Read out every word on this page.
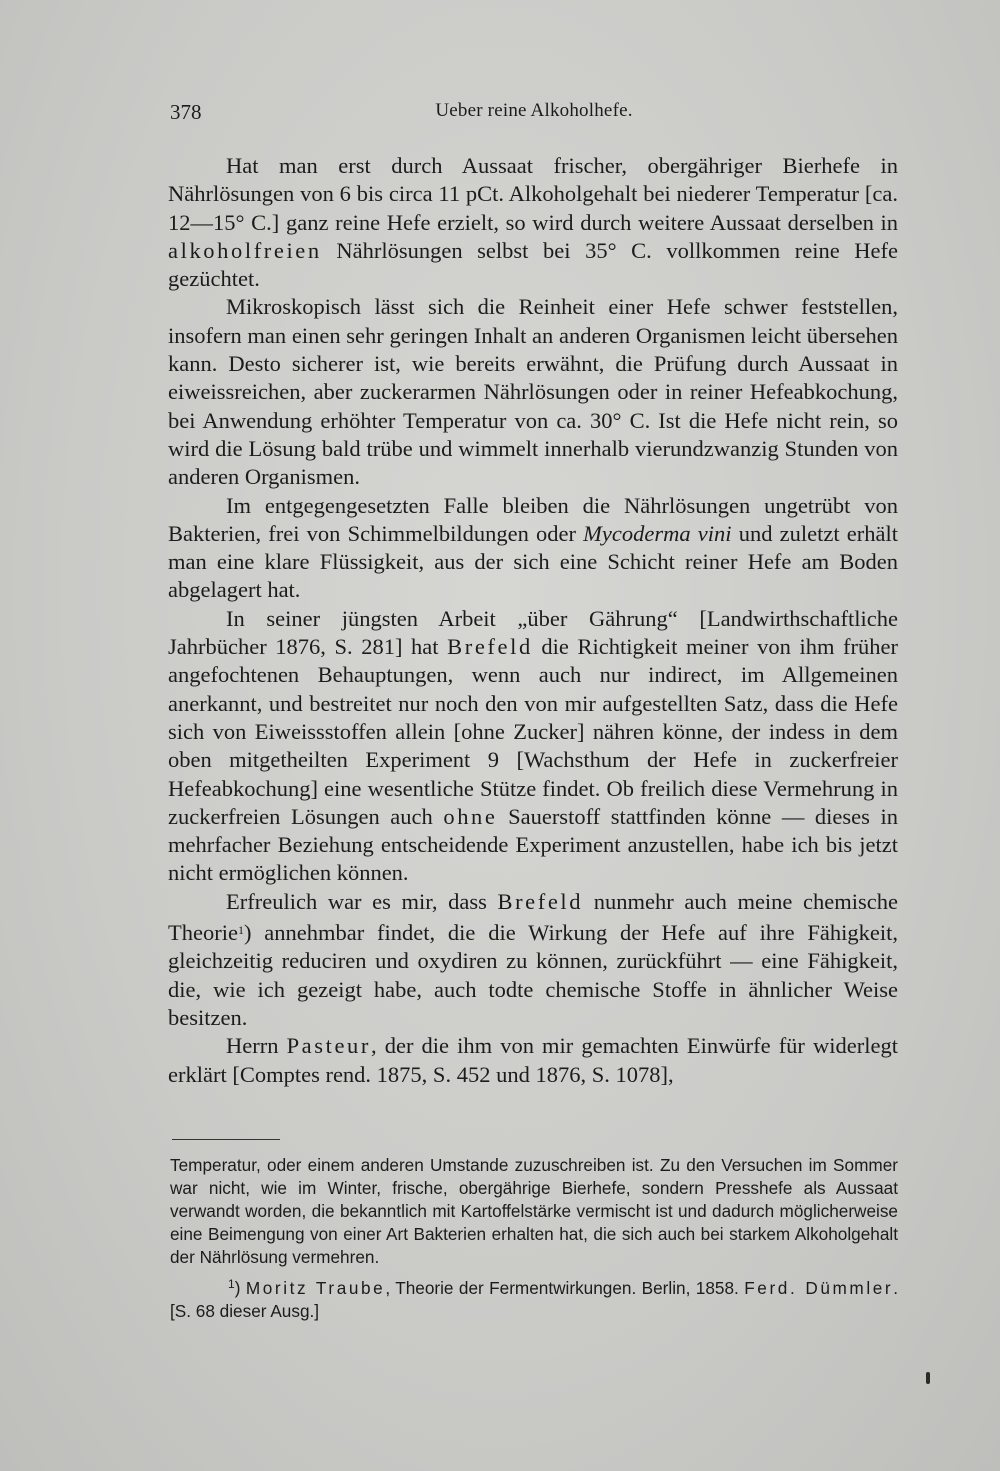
378	Ueber reine Alkoholhefe.

Hat man erst durch Aussaat frischer, obergähriger Bierhefe in Nährlösungen von 6 bis circa 11 pCt. Alkoholgehalt bei niederer Temperatur [ca. 12—15° C.] ganz reine Hefe erzielt, so wird durch weitere Aussaat derselben in alkoholfreien Nährlösungen selbst bei 35° C. vollkommen reine Hefe gezüchtet.

Mikroskopisch lässt sich die Reinheit einer Hefe schwer feststellen, insofern man einen sehr geringen Inhalt an anderen Organismen leicht übersehen kann. Desto sicherer ist, wie bereits erwähnt, die Prüfung durch Aussaat in eiweissreichen, aber zuckerarmen Nährlösungen oder in reiner Hefeabkochung, bei Anwendung erhöhter Temperatur von ca. 30° C. Ist die Hefe nicht rein, so wird die Lösung bald trübe und wimmelt innerhalb vierundzwanzig Stunden von anderen Organismen.

Im entgegengesetzten Falle bleiben die Nährlösungen ungetrübt von Bakterien, frei von Schimmelbildungen oder Mycoderma vini und zuletzt erhält man eine klare Flüssigkeit, aus der sich eine Schicht reiner Hefe am Boden abgelagert hat.

In seiner jüngsten Arbeit „über Gährung“ [Landwirthschaftliche Jahrbücher 1876, S. 281] hat Brefeld die Richtigkeit meiner von ihm früher angefochtenen Behauptungen, wenn auch nur indirect, im Allgemeinen anerkannt, und bestreitet nur noch den von mir aufgestellten Satz, dass die Hefe sich von Eiweissstoffen allein [ohne Zucker] nähren könne, der indess in dem oben mitgetheilten Experiment 9 [Wachsthum der Hefe in zuckerfreier Hefeabkochung] eine wesentliche Stütze findet. Ob freilich diese Vermehrung in zuckerfreien Lösungen auch ohne Sauerstoff stattfinden könne — dieses in mehrfacher Beziehung entscheidende Experiment anzustellen, habe ich bis jetzt nicht ermöglichen können.

Erfreulich war es mir, dass Brefeld nunmehr auch meine chemische Theorie$^1$) annehmbar findet, die die Wirkung der Hefe auf ihre Fähigkeit, gleichzeitig reduciren und oxydiren zu können, zurückführt — eine Fähigkeit, die, wie ich gezeigt habe, auch todte chemische Stoffe in ähnlicher Weise besitzen.

Herrn Pasteur, der die ihm von mir gemachten Einwürfe für widerlegt erklärt [Comptes rend. 1875, S. 452 und 1876, S. 1078],

Temperatur, oder einem anderen Umstande zuzuschreiben ist. Zu den Versuchen im Sommer war nicht, wie im Winter, frische, obergährige Bierhefe, sondern Presshefe als Aussaat verwandt worden, die bekanntlich mit Kartoffelstärke vermischt ist und dadurch möglicherweise eine Beimengung von einer Art Bakterien erhalten hat, die sich auch bei starkem Alkoholgehalt der Nährlösung vermehren.

$^1$) Moritz Traube, Theorie der Fermentwirkungen. Berlin, 1858. Ferd. Dümmler. [S. 68 dieser Ausg.]
